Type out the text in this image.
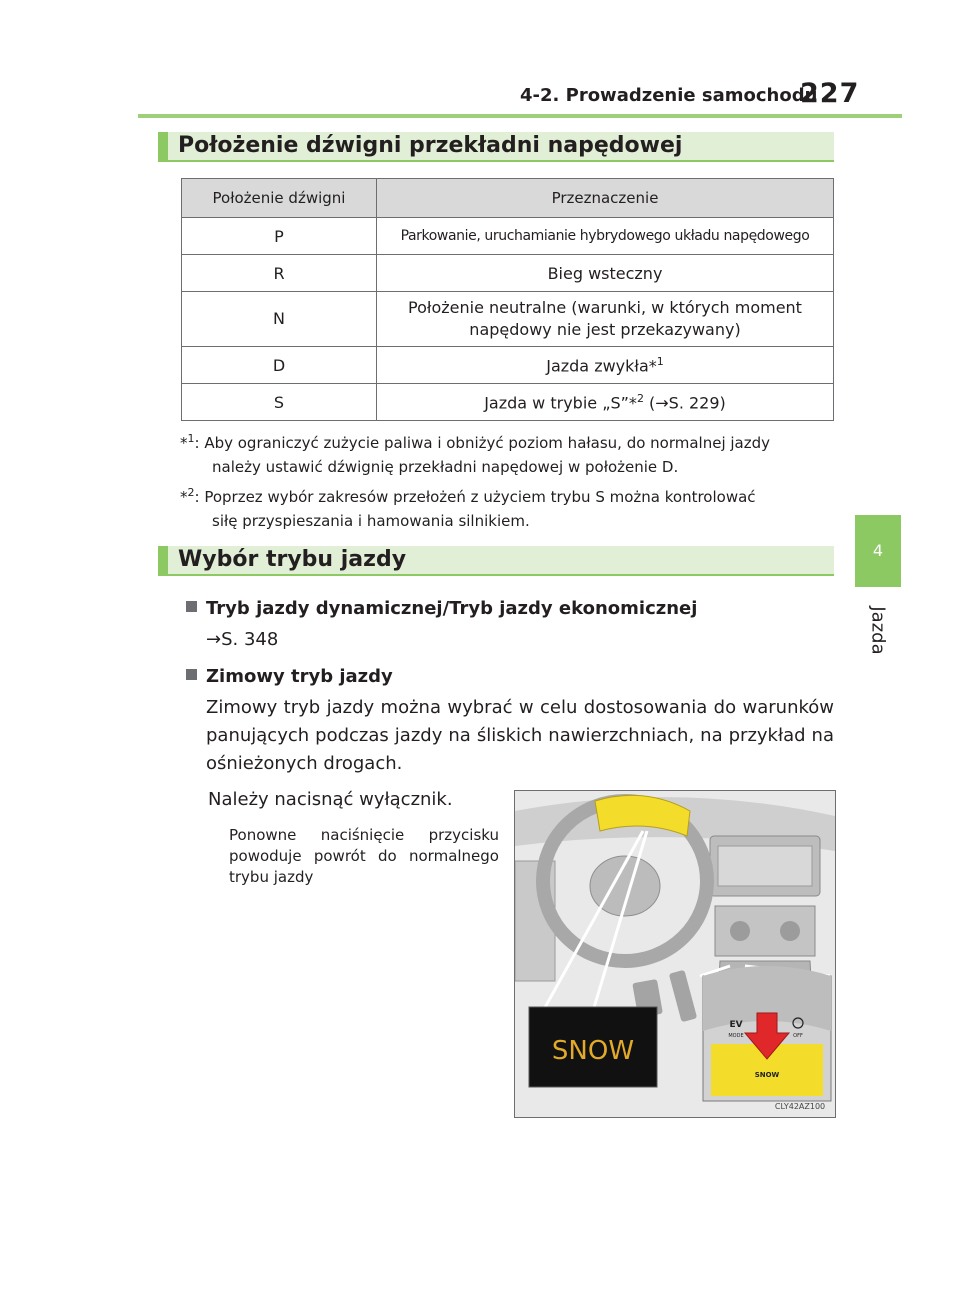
4-2. Prowadzenie samochodu
227
4
Jazda
Położenie dźwigni przekładni napędowej
Położenie dźwigni	Przeznaczenie
P	Parkowanie, uruchamianie hybrydowego układu napędowego
R	Bieg wsteczny
N	Położenie neutralne (warunki, w których moment
napędowy nie jest przekazywany)
D	Jazda zwykła*$^1$
S	Jazda w trybie „S”*$^2$ (→S. 229)
*$^1$: Aby ograniczyć zużycie paliwa i obniżyć poziom hałasu, do normalnej jazdy
należy ustawić dźwignię przekładni napędowej w położenie D.
*$^2$: Poprzez wybór zakresów przełożeń z użyciem trybu S można kontrolować
siłę przyspieszania i hamowania silnikiem.
Wybór trybu jazdy
Tryb jazdy dynamicznej/Tryb jazdy ekonomicznej
→S. 348
Zimowy tryb jazdy
Zimowy tryb jazdy można wybrać w celu dostosowania do warunków panujących podczas jazdy na śliskich nawierzchniach, na przykład na ośnieżonych drogach.
Należy nacisnąć wyłącznik.
Ponowne naciśnięcie przycisku powoduje powrót do normalnego trybu jazdy
SNOW
EV
MODE	OFF
SNOW
CLY42AZ100
